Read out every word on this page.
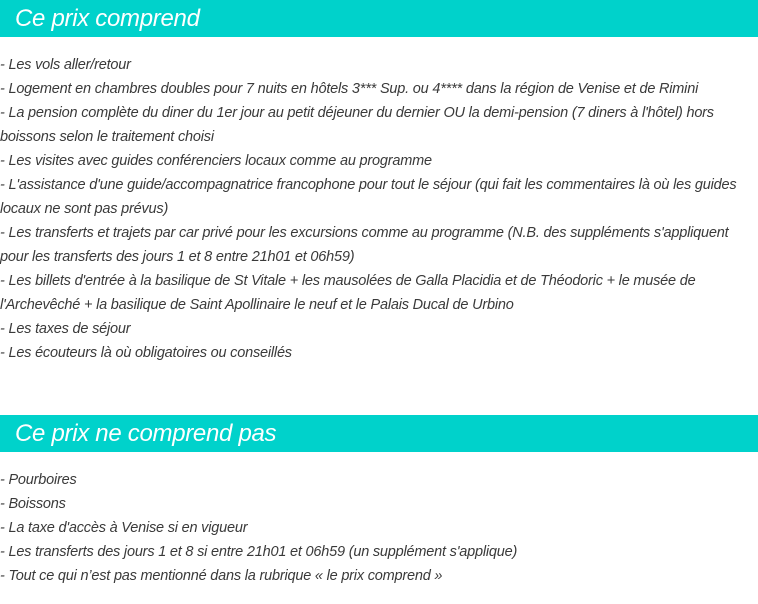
Ce prix comprend
- Les vols aller/retour
- Logement en chambres doubles pour 7 nuits en hôtels 3*** Sup. ou 4**** dans la région de Venise et de Rimini
- La pension complète du diner du 1er jour au petit déjeuner du dernier OU la demi-pension (7 diners à l'hôtel) hors boissons selon le traitement choisi
- Les visites avec guides conférenciers locaux comme au programme
- L'assistance d'une guide/accompagnatrice francophone pour tout le séjour (qui fait les commentaires là où les guides locaux ne sont pas prévus)
- Les transferts et trajets par car privé pour les excursions comme au programme (N.B. des suppléments s'appliquent pour les transferts des jours 1 et 8 entre 21h01 et 06h59)
- Les billets d'entrée à la basilique de St Vitale + les mausolées de Galla Placidia et de Théodoric + le musée de l'Archevêché + la basilique de Saint Apollinaire le neuf et le Palais Ducal de Urbino
- Les taxes de séjour
- Les écouteurs là où obligatoires ou conseillés
Ce prix ne comprend pas
- Pourboires
- Boissons
- La taxe d'accès à Venise si en vigueur
- Les transferts des jours 1 et 8 si entre 21h01 et 06h59 (un supplément s'applique)
- Tout ce qui n’est pas mentionné dans la rubrique « le prix comprend »
